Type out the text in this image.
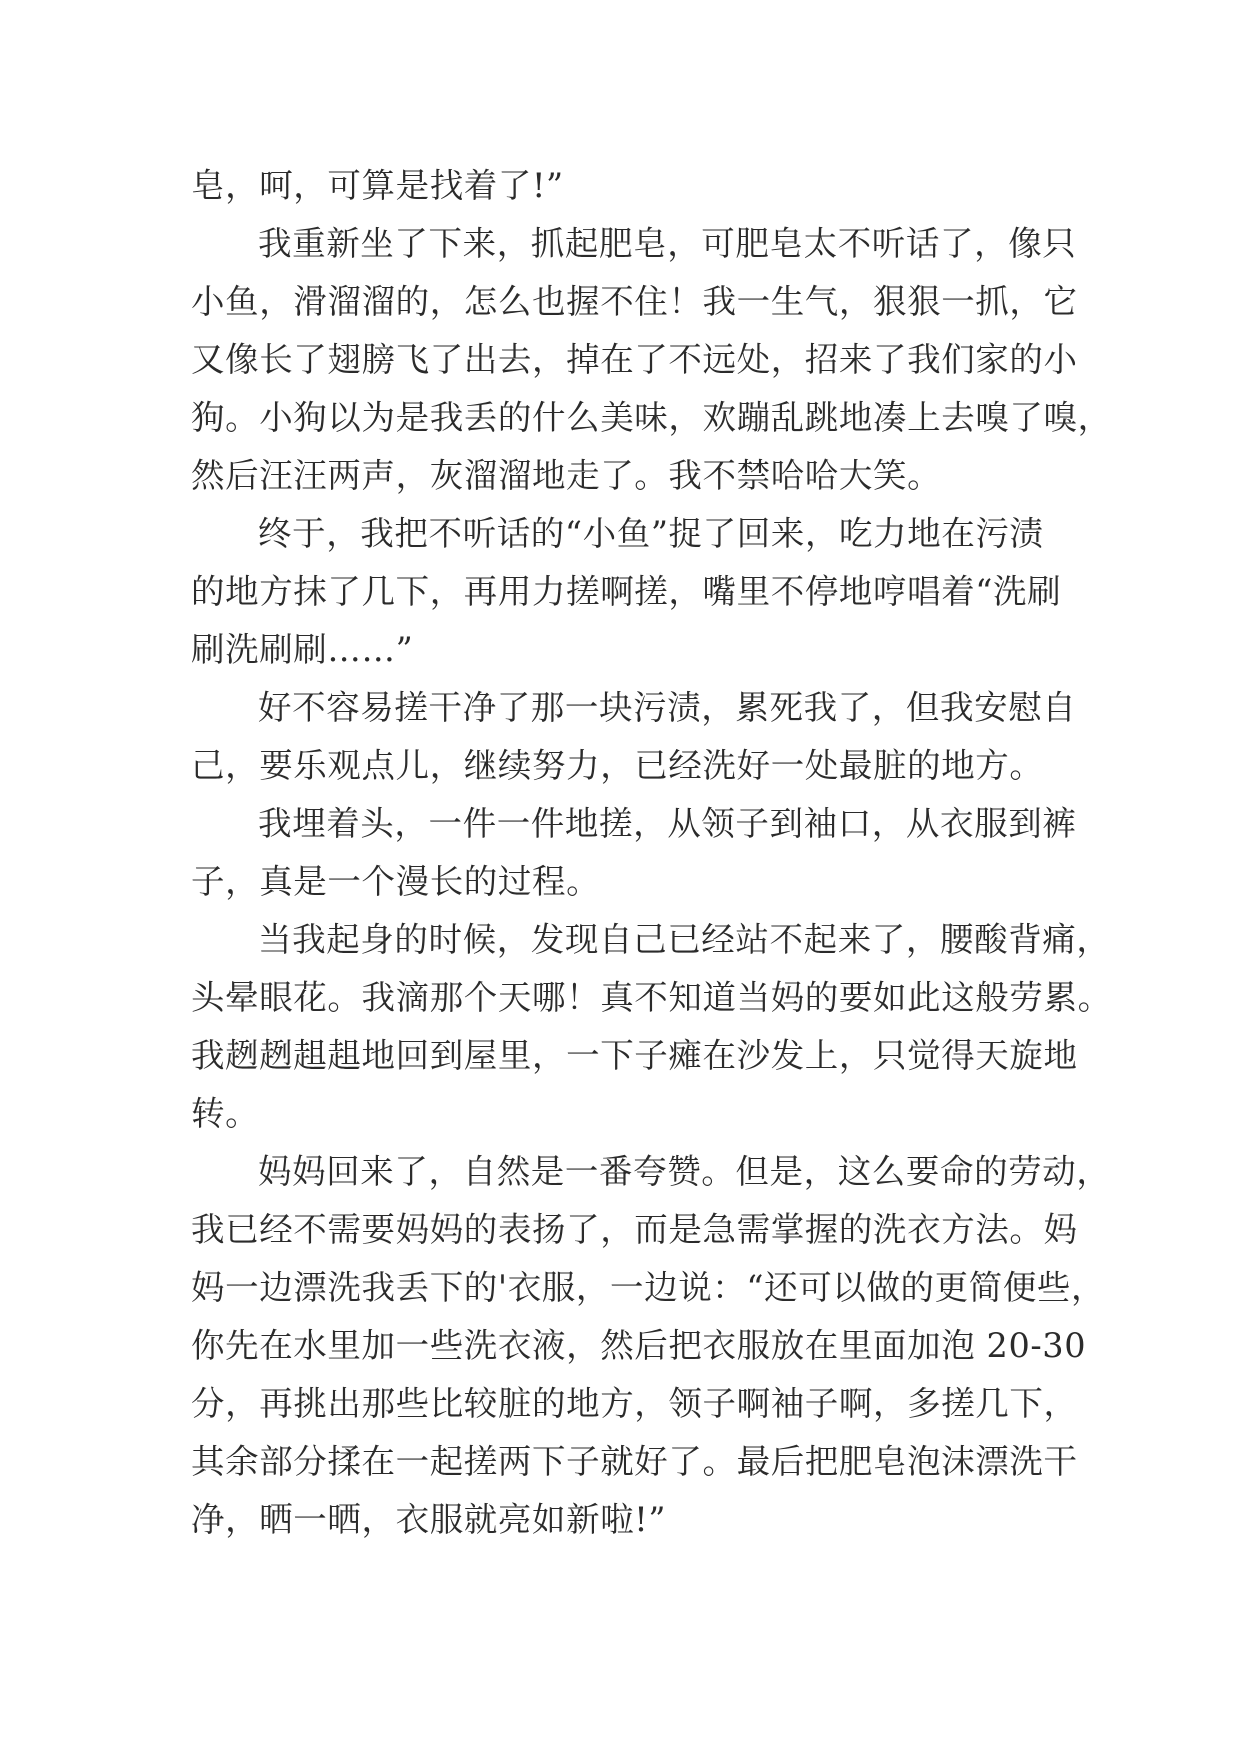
皂，呵，可算是找着了!”
我重新坐了下来，抓起肥皂，可肥皂太不听话了，像只
小鱼，滑溜溜的，怎么也握不住！我一生气，狠狠一抓，它
又像长了翅膀飞了出去，掉在了不远处，招来了我们家的小
狗。小狗以为是我丢的什么美味，欢蹦乱跳地凑上去嗅了嗅，
然后汪汪两声，灰溜溜地走了。我不禁哈哈大笑。
终于，我把不听话的“小鱼”捉了回来，吃力地在污渍
的地方抹了几下，再用力搓啊搓，嘴里不停地哼唱着“洗刷
刷洗刷刷……”
好不容易搓干净了那一块污渍，累死我了，但我安慰自
己，要乐观点儿，继续努力，已经洗好一处最脏的地方。
我埋着头，一件一件地搓，从领子到袖口，从衣服到裤
子，真是一个漫长的过程。
当我起身的时候，发现自己已经站不起来了，腰酸背痛，
头晕眼花。我滴那个天哪！真不知道当妈的要如此这般劳累。
我趔趔趄趄地回到屋里，一下子瘫在沙发上，只觉得天旋地
转。
妈妈回来了，自然是一番夸赞。但是，这么要命的劳动，
我已经不需要妈妈的表扬了，而是急需掌握的洗衣方法。妈
妈一边漂洗我丢下的'衣服，一边说：“还可以做的更简便些，
你先在水里加一些洗衣液，然后把衣服放在里面加泡 20-30
分，再挑出那些比较脏的地方，领子啊袖子啊，多搓几下，
其余部分揉在一起搓两下子就好了。最后把肥皂泡沫漂洗干
净，晒一晒，衣服就亮如新啦!”
